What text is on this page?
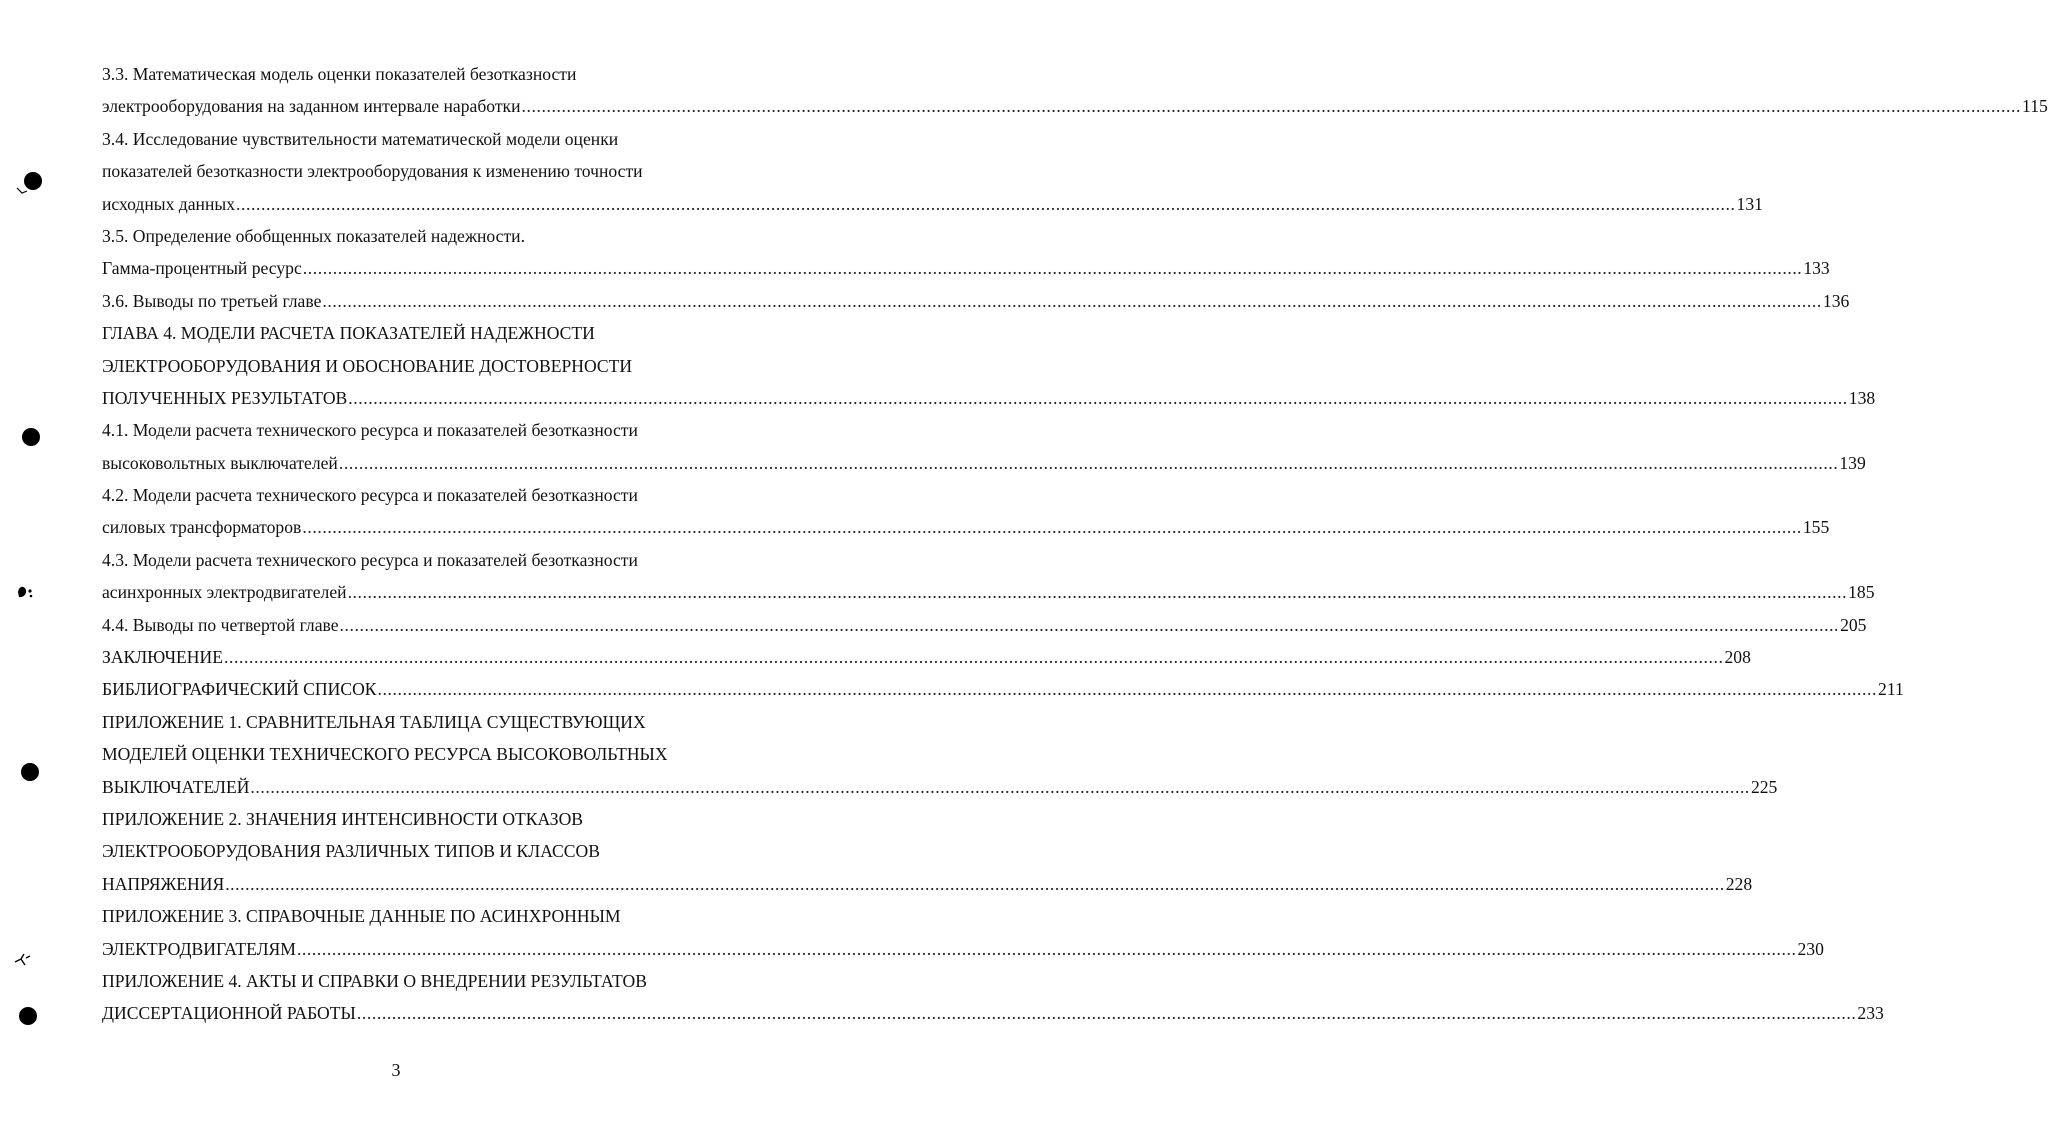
3.3. Математическая модель оценки показателей безотказности
электрооборудования на заданном интервале наработки ............................................................................................................................................................................................................................................................................................................ 115
3.4. Исследование чувствительности математической модели оценки
показателей безотказности электрооборудования к изменению точности
исходных данных ............................................................................................................................................................................................................................................................................................................ 131
3.5. Определение обобщенных показателей надежности.
Гамма-процентный ресурс ............................................................................................................................................................................................................................................................................................................ 133
3.6. Выводы по третьей главе ............................................................................................................................................................................................................................................................................................................ 136
ГЛАВА 4. МОДЕЛИ РАСЧЕТА ПОКАЗАТЕЛЕЙ НАДЕЖНОСТИ
ЭЛЕКТРООБОРУДОВАНИЯ И ОБОСНОВАНИЕ ДОСТОВЕРНОСТИ
ПОЛУЧЕННЫХ РЕЗУЛЬТАТОВ ............................................................................................................................................................................................................................................................................................................ 138
4.1. Модели расчета технического ресурса и показателей безотказности
высоковольтных выключателей ............................................................................................................................................................................................................................................................................................................ 139
4.2. Модели расчета технического ресурса и показателей безотказности
силовых трансформаторов ............................................................................................................................................................................................................................................................................................................ 155
4.3. Модели расчета технического ресурса и показателей безотказности
асинхронных электродвигателей ............................................................................................................................................................................................................................................................................................................ 185
4.4. Выводы по четвертой главе ............................................................................................................................................................................................................................................................................................................ 205
ЗАКЛЮЧЕНИЕ ............................................................................................................................................................................................................................................................................................................ 208
БИБЛИОГРАФИЧЕСКИЙ СПИСОК ............................................................................................................................................................................................................................................................................................................ 211
ПРИЛОЖЕНИЕ 1. СРАВНИТЕЛЬНАЯ ТАБЛИЦА СУЩЕСТВУЮЩИХ
МОДЕЛЕЙ ОЦЕНКИ ТЕХНИЧЕСКОГО РЕСУРСА ВЫСОКОВОЛЬТНЫХ
ВЫКЛЮЧАТЕЛЕЙ ............................................................................................................................................................................................................................................................................................................ 225
ПРИЛОЖЕНИЕ 2. ЗНАЧЕНИЯ ИНТЕНСИВНОСТИ ОТКАЗОВ
ЭЛЕКТРООБОРУДОВАНИЯ РАЗЛИЧНЫХ ТИПОВ И КЛАССОВ
НАПРЯЖЕНИЯ ............................................................................................................................................................................................................................................................................................................ 228
ПРИЛОЖЕНИЕ 3. СПРАВОЧНЫЕ ДАННЫЕ ПО АСИНХРОННЫМ
ЭЛЕКТРОДВИГАТЕЛЯМ ............................................................................................................................................................................................................................................................................................................ 230
ПРИЛОЖЕНИЕ 4. АКТЫ И СПРАВКИ О ВНЕДРЕНИИ РЕЗУЛЬТАТОВ
ДИССЕРТАЦИОННОЙ РАБОТЫ ............................................................................................................................................................................................................................................................................................................ 233
3
